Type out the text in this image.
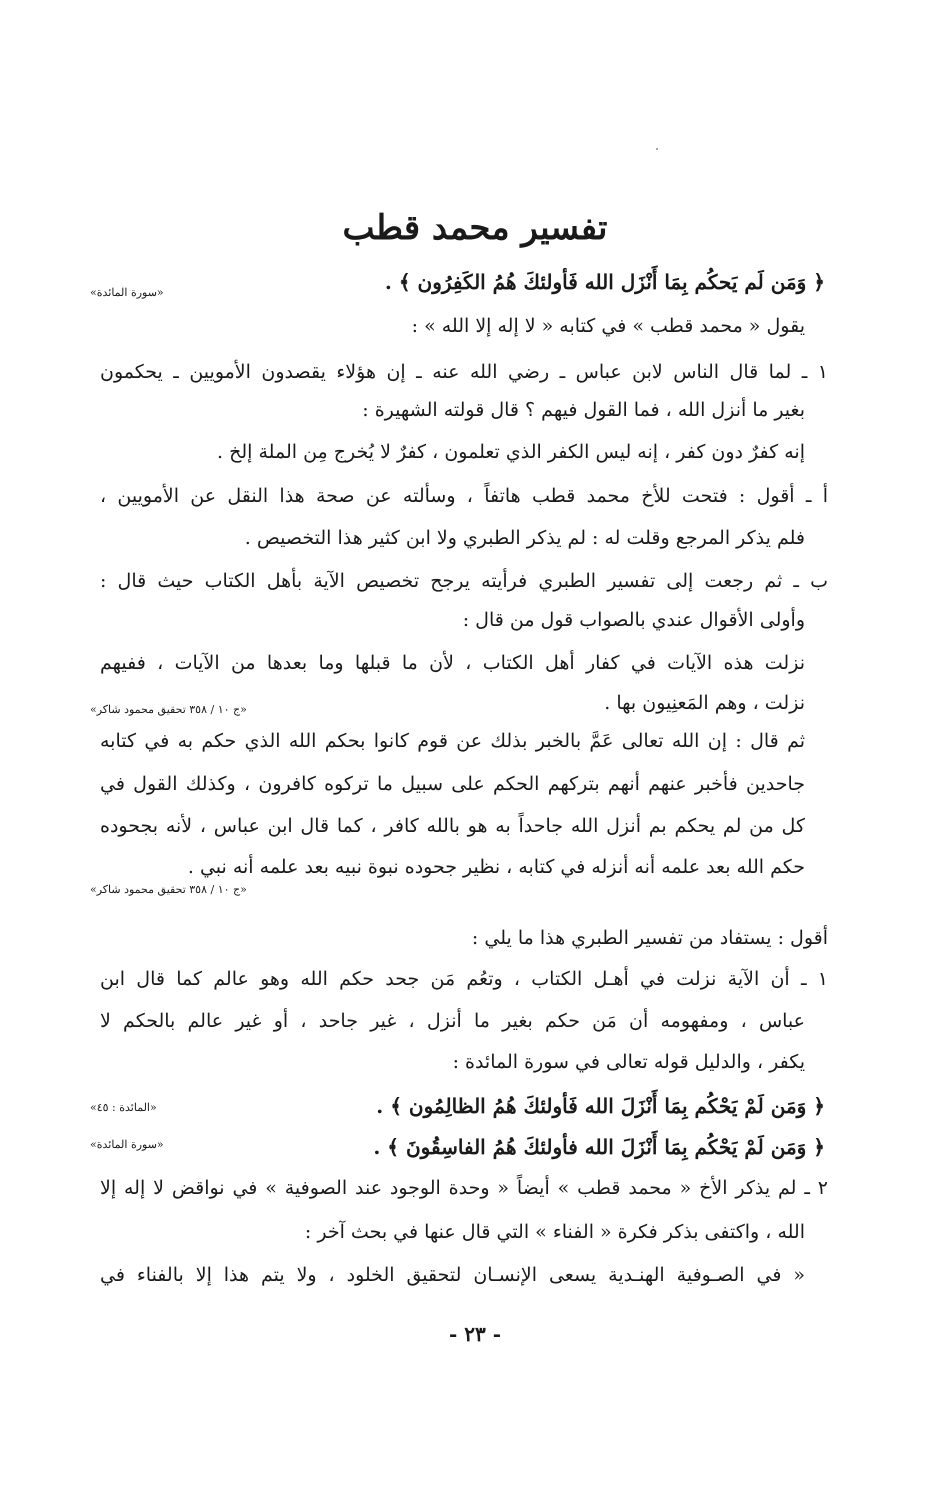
تفسير محمد قطب
﴿ وَمَن لَم يَحكُم بِمَا أَنْزَل الله فَأولئكَ هُمُ الكَفِرُون ﴾ .
«سورة المائدة»
يقول « محمد قطب » في كتابه « لا إله إلا الله » :
١ ـ لما قال الناس لابن عباس ـ رضي الله عنه ـ إن هؤلاء يقصدون الأمويين ـ يحكمون
بغير ما أنزل الله ، فما القول فيهم ؟ قال قولته الشهيرة :
إنه كفرٌ دون كفر ، إنه ليس الكفر الذي تعلمون ، كفرٌ لا يُخرج مِن الملة إلخ .
أ ـ أقول : فتحت للأخ محمد قطب هاتفاً ، وسألته عن صحة هذا النقل عن الأمويين ،
فلم يذكر المرجع وقلت له : لم يذكر الطبري ولا ابن كثير هذا التخصيص .
ب ـ ثم رجعت إلى تفسير الطبري فرأيته يرجح تخصيص الآية بأهل الكتاب حيث قال :
وأولى الأقوال عندي بالصواب قول من قال :
نزلت هذه الآيات في كفار أهل الكتاب ، لأن ما قبلها وما بعدها من الآيات ، ففيهم
نزلت ، وهم المَعنِيون بها .
«ج ١٠ / ٣٥٨ تحقيق محمود شاكر»
ثم قال : إن الله تعالى عَمَّ بالخبر بذلك عن قوم كانوا بحكم الله الذي حكم به في كتابه
جاحدين فأخبر عنهم أنهم بتركهم الحكم على سبيل ما تركوه كافرون ، وكذلك القول في
كل من لم يحكم بم أنزل الله جاحداً به هو بالله كافر ، كما قال ابن عباس ، لأنه بجحوده
حكم الله بعد علمه أنه أنزله في كتابه ، نظير جحوده نبوة نبيه بعد علمه أنه نبي .
«ج ١٠ / ٣٥٨ تحقيق محمود شاكر»
أقول : يستفاد من تفسير الطبري هذا ما يلي :
١ ـ أن الآية نزلت في أهـل الكتاب ، وتعُم مَن جحد حكم الله وهو عالم كما قال ابن
عباس ، ومفهومه أن مَن حكم بغير ما أنزل ، غير جاحد ، أو غير عالم بالحكم لا
يكفر ، والدليل قوله تعالى في سورة المائدة :
﴿ وَمَن لَمْ يَحْكُم بِمَا أَنْزَلَ الله فَأولئكَ هُمُ الظالِمُون ﴾ .
«المائدة : ٤٥»
﴿ وَمَن لَمْ يَحْكُم بِمَا أَنْزَلَ الله فأولئكَ هُمُ الفاسِقُونَ ﴾ .
«سورة المائدة»
٢ ـ لم يذكر الأخ « محمد قطب » أيضاً « وحدة الوجود عند الصوفية » في نواقض لا إله إلا
الله ، واكتفى بذكر فكرة « الفناء » التي قال عنها في بحث آخر :
« في الصـوفية الهنـدية يسعى الإنسـان لتحقيق الخلود ، ولا يتم هذا إلا بالفناء في
- ٢٣ -
